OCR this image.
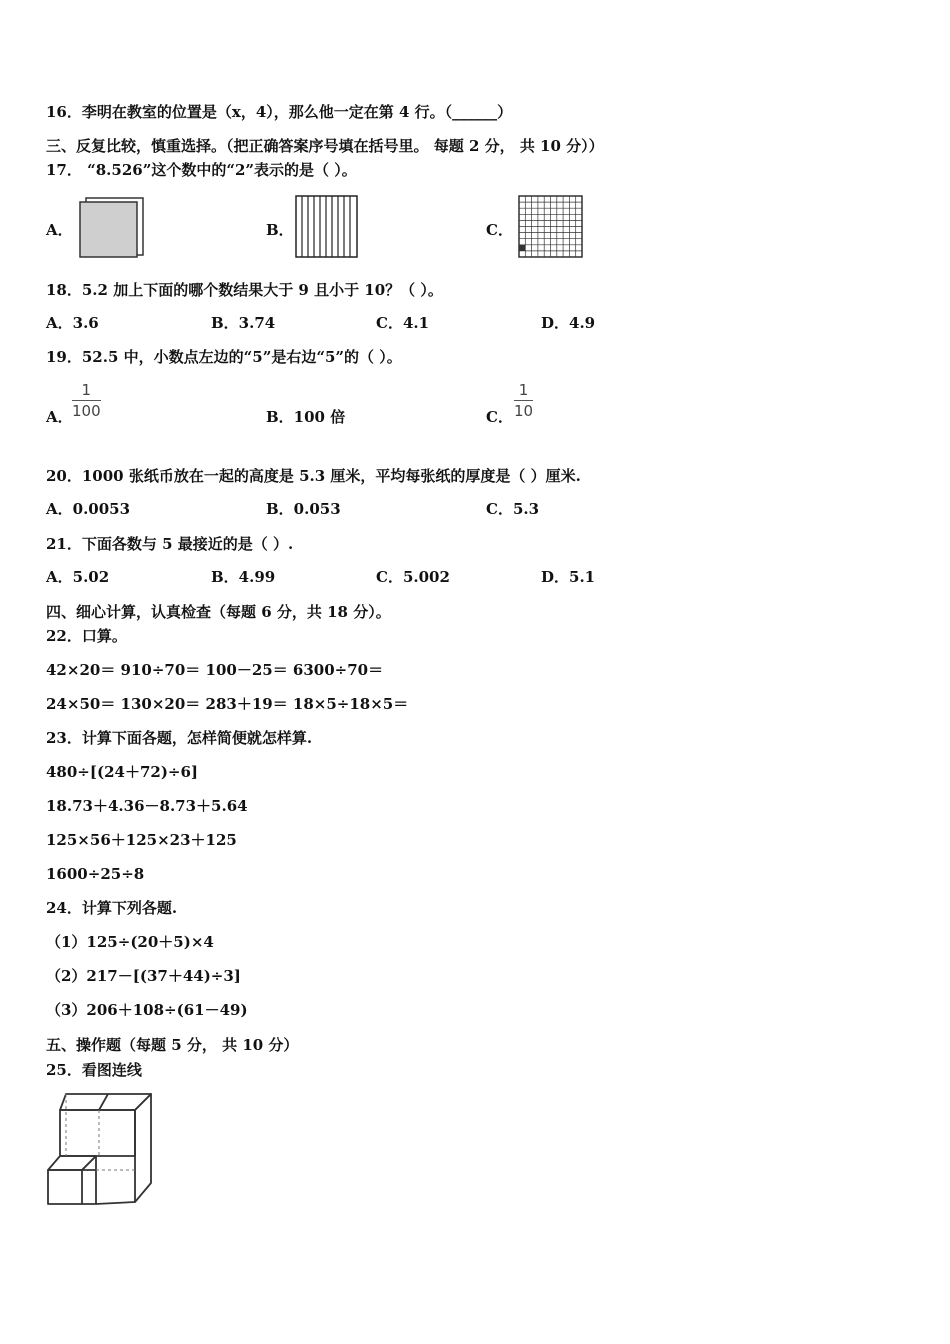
16．李明在教室的位置是（x，4），那么他一定在第 4 行。（______）
三、反复比较，慎重选择。（把正确答案序号填在括号里。 每题 2 分， 共 10 分））
17． “8.526”这个数中的“2”表示的是（ ）。
A．	B．	C．
18．5.2 加上下面的哪个数结果大于 9 且小于 10？（ ）。
A．3.6	B．3.74	C．4.1	D．4.9
19．52.5 中，小数点左边的“5”是右边“5”的（ ）。
A． $\frac{1}{100}$	B．100 倍	C． $\frac{1}{10}$
20．1000 张纸币放在一起的高度是 5.3 厘米，平均每张纸的厚度是（ ）厘米.
A．0.0053	B．0.053	C．5.3
21．下面各数与 5 最接近的是（ ）.
A．5.02	B．4.99	C．5.002	D．5.1
四、细心计算，认真检查（每题 6 分，共 18 分）。
22．口算。
42×20＝ 910÷70＝ 100－25＝ 6300÷70＝
24×50＝ 130×20＝ 283＋19＝ 18×5÷18×5＝
23．计算下面各题，怎样简便就怎样算.
480÷[(24＋72)÷6]
18.73＋4.36－8.73＋5.64
125×56＋125×23＋125
1600÷25÷8
24．计算下列各题.
（1）125÷(20＋5)×4
（2）217－[(37＋44)÷3]
（3）206＋108÷(61－49)
五、操作题（每题 5 分， 共 10 分）
25．看图连线
